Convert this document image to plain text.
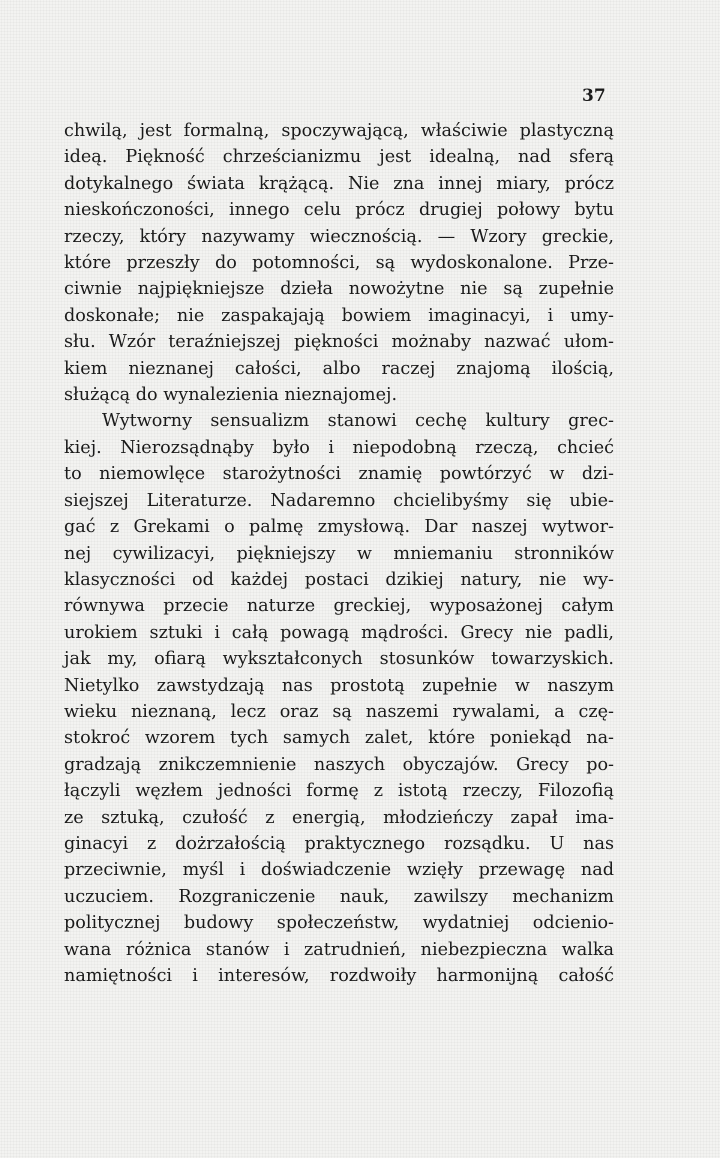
37
chwilą, jest formalną, spoczywającą, właściwie plastyczną
ideą. Piękność chrześcianizmu jest idealną, nad sferą
dotykalnego świata krążącą. Nie zna innej miary, prócz
nieskończoności, innego celu prócz drugiej połowy bytu
rzeczy, który nazywamy wiecznością. — Wzory greckie,
które przeszły do potomności, są wydoskonalone. Prze-
ciwnie najpiękniejsze dzieła nowożytne nie są zupełnie
doskonałe; nie zaspakajają bowiem imaginacyi, i umy-
słu. Wzór teraźniejszej piękności możnaby nazwać ułom-
kiem nieznanej całości, albo raczej znajomą ilością,
służącą do wynalezienia nieznajomej.
Wytworny sensualizm stanowi cechę kultury grec-
kiej. Nierozsądnąby było i niepodobną rzeczą, chcieć
to niemowlęce starożytności znamię powtórzyć w dzi-
siejszej Literaturze. Nadaremno chcielibyśmy się ubie-
gać z Grekami o palmę zmysłową. Dar naszej wytwor-
nej cywilizacyi, piękniejszy w mniemaniu stronników
klasyczności od każdej postaci dzikiej natury, nie wy-
równywa przecie naturze greckiej, wyposażonej całym
urokiem sztuki i całą powagą mądrości. Grecy nie padli,
jak my, ofiarą wykształconych stosunków towarzyskich.
Nietylko zawstydzają nas prostotą zupełnie w naszym
wieku nieznaną, lecz oraz są naszemi rywalami, a czę-
stokroć wzorem tych samych zalet, które poniekąd na-
gradzają znikczemnienie naszych obyczajów. Grecy po-
łączyli węzłem jedności formę z istotą rzeczy, Filozofią
ze sztuką, czułość z energią, młodzieńczy zapał ima-
ginacyi z dożrzałością praktycznego rozsądku. U nas
przeciwnie, myśl i doświadczenie wzięły przewagę nad
uczuciem. Rozgraniczenie nauk, zawilszy mechanizm
politycznej budowy społeczeństw, wydatniej odcienio-
wana różnica stanów i zatrudnień, niebezpieczna walka
namiętności i interesów, rozdwoiły harmonijną całość
